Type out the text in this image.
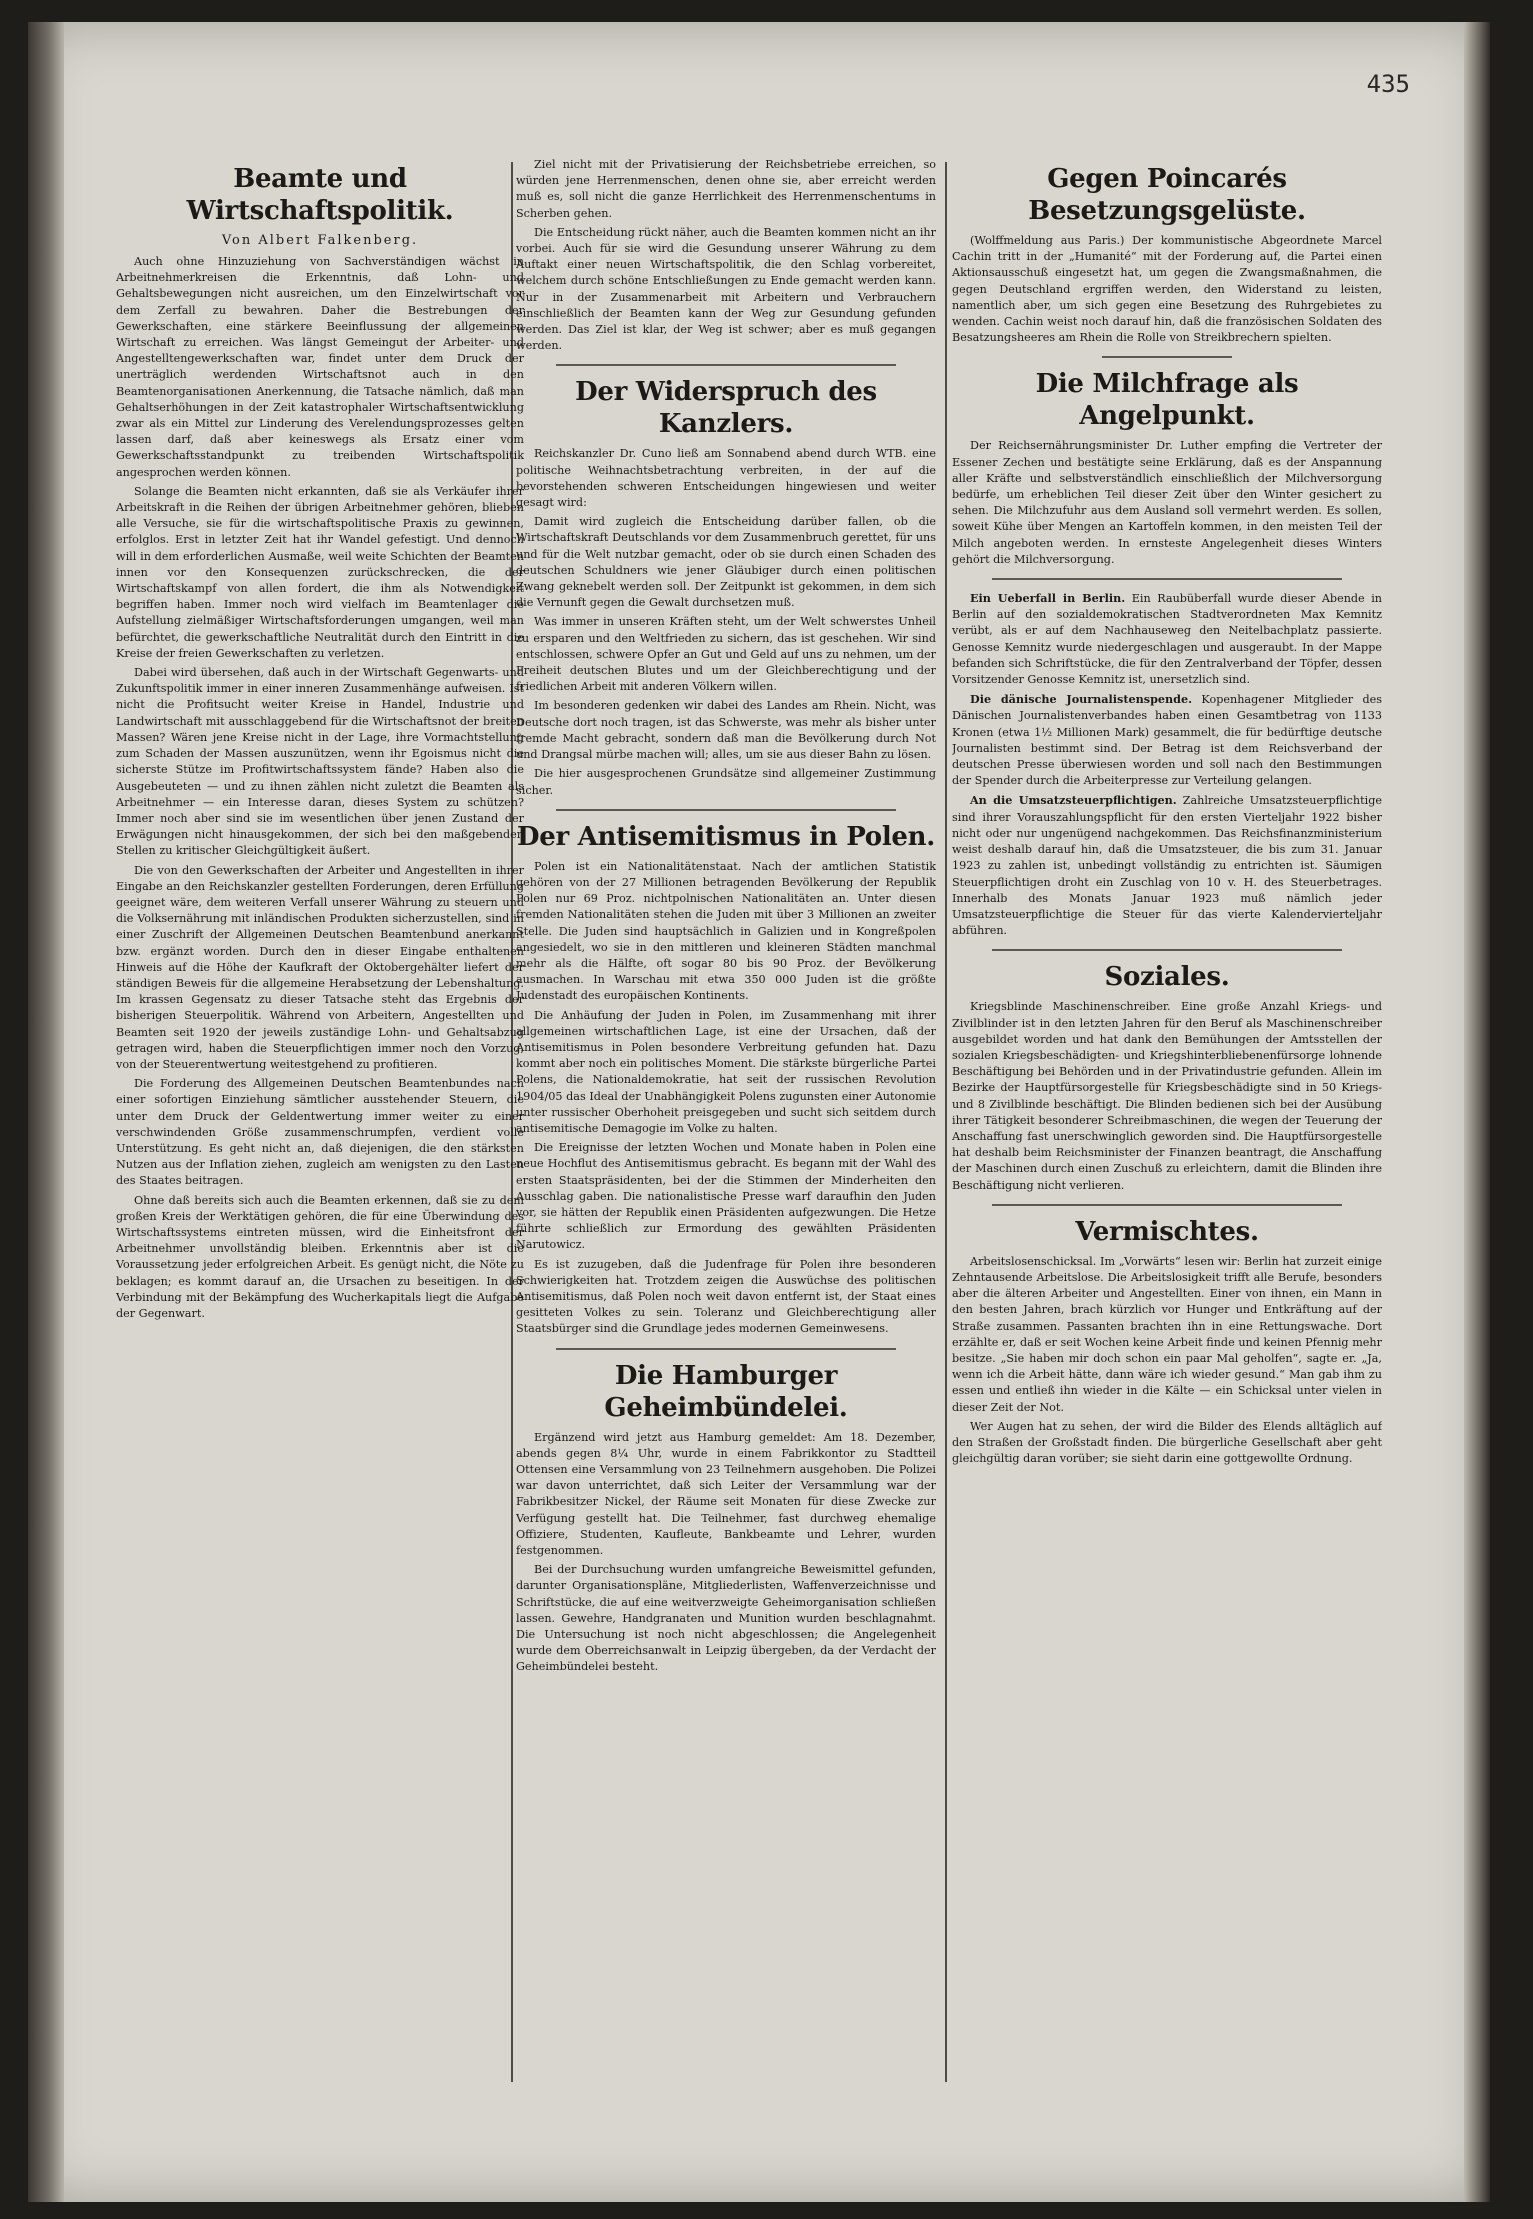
435
Beamte und Wirtschaftspolitik.
Von Albert Falkenberg.

Auch ohne Hinzuziehung von Sachverständigen wächst in Arbeitnehmerkreisen die Erkenntnis, daß Lohn- und Gehaltsbewegungen nicht ausreichen, um den Einzelwirtschaft vor dem Zerfall zu bewahren. Daher die Bestrebungen der Gewerkschaften, eine stärkere Beeinflussung der allgemeinen Wirtschaft zu erreichen. Was längst Gemeingut der Arbeiter- und Angestelltengewerkschaften war, findet unter dem Druck der unerträglich werdenden Wirtschaftsnot auch in den Beamtenorganisationen Anerkennung, die Tatsache nämlich, daß man Gehaltserhöhungen in der Zeit katastrophaler Wirtschaftsentwicklung zwar als ein Mittel zur Linderung des Verelendungsprozesses gelten lassen darf, daß aber keineswegs als Ersatz einer vom Gewerkschaftsstandpunkt zu treibenden Wirtschaftspolitik angesprochen werden können.

Solange die Beamten nicht erkannten, daß sie als Verkäufer ihrer Arbeitskraft in die Reihen der übrigen Arbeitnehmer gehören, blieben alle Versuche, sie für die wirtschaftspolitische Praxis zu gewinnen, erfolglos. Erst in letzter Zeit hat ihr Wandel gefestigt. Und dennoch will in dem erforderlichen Ausmaße, weil weite Schichten der Beamten innen vor den Konsequenzen zurückschrecken, die der Wirtschaftskampf von allen fordert, die ihm als Notwendigkeit begriffen haben. Immer noch wird vielfach im Beamtenlager die Aufstellung zielmäßiger Wirtschaftsforderungen umgangen, weil man befürchtet, die gewerkschaftliche Neutralität durch den Eintritt in die Kreise der freien Gewerkschaften zu verletzen.

Dabei wird übersehen, daß auch in der Wirtschaft Gegenwarts- und Zukunftspolitik immer in einer inneren Zusammenhänge aufweisen. Ist nicht die Profitsucht weiter Kreise in Handel, Industrie und Landwirtschaft mit ausschlaggebend für die Wirtschaftsnot der breiten Massen? Wären jene Kreise nicht in der Lage, ihre Vormachtstellung zum Schaden der Massen auszunützen, wenn ihr Egoismus nicht die sicherste Stütze im Profitwirtschaftssystem fände? Haben also die Ausgebeuteten — und zu ihnen zählen nicht zuletzt die Beamten als Arbeitnehmer — ein Interesse daran, dieses System zu schützen? Immer noch aber sind sie im wesentlichen über jenen Zustand der Erwägungen nicht hinausgekommen, der sich bei den maßgebenden Stellen zu kritischer Gleichgültigkeit äußert.

Die von den Gewerkschaften der Arbeiter und Angestellten in ihrer Eingabe an den Reichskanzler gestellten Forderungen, deren Erfüllung geeignet wäre, dem weiteren Verfall unserer Währung zu steuern und die Volksernährung mit inländischen Produkten sicherzustellen, sind in einer Zuschrift der Allgemeinen Deutschen Beamtenbund anerkannt bzw. ergänzt worden. Durch den in dieser Eingabe enthaltenen Hinweis auf die Höhe der Kaufkraft der Oktobergehälter liefert der ständigen Beweis für die allgemeine Herabsetzung der Lebenshaltung. Im krassen Gegensatz zu dieser Tatsache steht das Ergebnis der bisherigen Steuerpolitik. Während von Arbeitern, Angestellten und Beamten seit 1920 der jeweils zuständige Lohn- und Gehaltsabzug getragen wird, haben die Steuerpflichtigen immer noch den Vorzug, von der Steuerentwertung weitestgehend zu profitieren.

Die Forderung des Allgemeinen Deutschen Beamtenbundes nach einer sofortigen Einziehung sämtlicher ausstehender Steuern, die unter dem Druck der Geldentwertung immer weiter zu einer verschwindenden Größe zusammenschrumpfen, verdient volle Unterstützung. Es geht nicht an, daß diejenigen, die den stärksten Nutzen aus der Inflation ziehen, zugleich am wenigsten zu den Lasten des Staates beitragen.

Ohne daß bereits sich auch die Beamten erkennen, daß sie zu dem großen Kreis der Werktätigen gehören, die für eine Überwindung des Wirtschaftssystems eintreten müssen, wird die Einheitsfront der Arbeitnehmer unvollständig bleiben. Erkenntnis aber ist die Voraussetzung jeder erfolgreichen Arbeit. Es genügt nicht, die Nöte zu beklagen; es kommt darauf an, die Ursachen zu beseitigen. In der Verbindung mit der Bekämpfung des Wucherkapitals liegt die Aufgabe der Gegenwart.

Ziel nicht mit der Privatisierung der Reichsbetriebe erreichen, so würden jene Herrenmenschen, denen ohne sie, aber erreicht werden muß es, soll nicht die ganze Herrlichkeit des Herrenmenschentums in Scherben gehen.

Die Entscheidung rückt näher, auch die Beamten kommen nicht an ihr vorbei. Auch für sie wird die Gesundung unserer Währung zu dem Auftakt einer neuen Wirtschaftspolitik, die den Schlag vorbereitet, welchem durch schöne Entschließungen zu Ende gemacht werden kann. Nur in der Zusammenarbeit mit Arbeitern und Verbrauchern einschließlich der Beamten kann der Weg zur Gesundung gefunden werden. Das Ziel ist klar, der Weg ist schwer; aber es muß gegangen werden.

Der Widerspruch des Kanzlers.

Reichskanzler Dr. Cuno ließ am Sonnabend abend durch WTB. eine politische Weihnachtsbetrachtung verbreiten, in der auf die bevorstehenden schweren Entscheidungen hingewiesen und weiter gesagt wird:

Damit wird zugleich die Entscheidung darüber fallen, ob die Wirtschaftskraft Deutschlands vor dem Zusammenbruch gerettet, für uns und für die Welt nutzbar gemacht, oder ob sie durch einen Schaden des deutschen Schuldners wie jener Gläubiger durch einen politischen Zwang geknebelt werden soll. Der Zeitpunkt ist gekommen, in dem sich die Vernunft gegen die Gewalt durchsetzen muß.

Was immer in unseren Kräften steht, um der Welt schwerstes Unheil zu ersparen und den Weltfrieden zu sichern, das ist geschehen. Wir sind entschlossen, schwere Opfer an Gut und Geld auf uns zu nehmen, um der Freiheit deutschen Blutes und um der Gleichberechtigung und der friedlichen Arbeit mit anderen Völkern willen.

Im besonderen gedenken wir dabei des Landes am Rhein. Nicht, was Deutsche dort noch tragen, ist das Schwerste, was mehr als bisher unter fremde Macht gebracht, sondern daß man die Bevölkerung durch Not und Drangsal mürbe machen will; alles, um sie aus dieser Bahn zu lösen.

Die hier ausgesprochenen Grundsätze sind allgemeiner Zustimmung sicher.

Der Antisemitismus in Polen.

Polen ist ein Nationalitätenstaat. Nach der amtlichen Statistik gehören von der 27 Millionen betragenden Bevölkerung der Republik Polen nur 69 Proz. nichtpolnischen Nationalitäten an. Unter diesen fremden Nationalitäten stehen die Juden mit über 3 Millionen an zweiter Stelle. Die Juden sind hauptsächlich in Galizien und in Kongreßpolen angesiedelt, wo sie in den mittleren und kleineren Städten manchmal mehr als die Hälfte, oft sogar 80 bis 90 Proz. der Bevölkerung ausmachen. In Warschau mit etwa 350 000 Juden ist die größte Judenstadt des europäischen Kontinents.

Die Anhäufung der Juden in Polen, im Zusammenhang mit ihrer allgemeinen wirtschaftlichen Lage, ist eine der Ursachen, daß der Antisemitismus in Polen besondere Verbreitung gefunden hat. Dazu kommt aber noch ein politisches Moment. Die stärkste bürgerliche Partei Polens, die Nationaldemokratie, hat seit der russischen Revolution 1904/05 das Ideal der Unabhängigkeit Polens zugunsten einer Autonomie unter russischer Oberhoheit preisgegeben und sucht sich seitdem durch antisemitische Demagogie im Volke zu halten.

Die Ereignisse der letzten Wochen und Monate haben in Polen eine neue Hochflut des Antisemitismus gebracht. Es begann mit der Wahl des ersten Staatspräsidenten, bei der die Stimmen der Minderheiten den Ausschlag gaben. Die nationalistische Presse warf daraufhin den Juden vor, sie hätten der Republik einen Präsidenten aufgezwungen. Die Hetze führte schließlich zur Ermordung des gewählten Präsidenten Narutowicz.

Es ist zuzugeben, daß die Judenfrage für Polen ihre besonderen Schwierigkeiten hat. Trotzdem zeigen die Auswüchse des politischen Antisemitismus, daß Polen noch weit davon entfernt ist, der Staat eines gesitteten Volkes zu sein. Toleranz und Gleichberechtigung aller Staatsbürger sind die Grundlage jedes modernen Gemeinwesens.

Die Hamburger Geheimbündelei.

Ergänzend wird jetzt aus Hamburg gemeldet: Am 18. Dezember, abends gegen 8¼ Uhr, wurde in einem Fabrikkontor zu Stadtteil Ottensen eine Versammlung von 23 Teilnehmern ausgehoben. Die Polizei war davon unterrichtet, daß sich Leiter der Versammlung war der Fabrikbesitzer Nickel, der Räume seit Monaten für diese Zwecke zur Verfügung gestellt hat. Die Teilnehmer, fast durchweg ehemalige Offiziere, Studenten, Kaufleute, Bankbeamte und Lehrer, wurden festgenommen.

Bei der Durchsuchung wurden umfangreiche Beweismittel gefunden, darunter Organisationspläne, Mitgliederlisten, Waffenverzeichnisse und Schriftstücke, die auf eine weitverzweigte Geheimorganisation schließen lassen. Gewehre, Handgranaten und Munition wurden beschlagnahmt. Die Untersuchung ist noch nicht abgeschlossen; die Angelegenheit wurde dem Oberreichsanwalt in Leipzig übergeben, da der Verdacht der Geheimbündelei besteht.

Gegen Poincarés Besetzungsgelüste.

(Wolffmeldung aus Paris.) Der kommunistische Abgeordnete Marcel Cachin tritt in der „Humanité“ mit der Forderung auf, die Partei einen Aktionsausschuß eingesetzt hat, um gegen die Zwangsmaßnahmen, die gegen Deutschland ergriffen werden, den Widerstand zu leisten, namentlich aber, um sich gegen eine Besetzung des Ruhrgebietes zu wenden. Cachin weist noch darauf hin, daß die französischen Soldaten des Besatzungsheeres am Rhein die Rolle von Streikbrechern spielten.

Die Milchfrage als Angelpunkt.

Der Reichsernährungsminister Dr. Luther empfing die Vertreter der Essener Zechen und bestätigte seine Erklärung, daß es der Anspannung aller Kräfte und selbstverständlich einschließlich der Milchversorgung bedürfe, um erheblichen Teil dieser Zeit über den Winter gesichert zu sehen. Die Milchzufuhr aus dem Ausland soll vermehrt werden. Es sollen, soweit Kühe über Mengen an Kartoffeln kommen, in den meisten Teil der Milch angeboten werden. In ernsteste Angelegenheit dieses Winters gehört die Milchversorgung.

Ein Ueberfall in Berlin. Ein Raubüberfall wurde dieser Abende in Berlin auf den sozialdemokratischen Stadtverordneten Max Kemnitz verübt, als er auf dem Nachhauseweg den Neitelbachplatz passierte. Genosse Kemnitz wurde niedergeschlagen und ausgeraubt. In der Mappe befanden sich Schriftstücke, die für den Zentralverband der Töpfer, dessen Vorsitzender Genosse Kemnitz ist, unersetzlich sind.

Die dänische Journalistenspende. Kopenhagener Mitglieder des Dänischen Journalistenverbandes haben einen Gesamtbetrag von 1133 Kronen (etwa 1½ Millionen Mark) gesammelt, die für bedürftige deutsche Journalisten bestimmt sind. Der Betrag ist dem Reichsverband der deutschen Presse überwiesen worden und soll nach den Bestimmungen der Spender durch die Arbeiterpresse zur Verteilung gelangen.

An die Umsatzsteuerpflichtigen. Zahlreiche Umsatzsteuerpflichtige sind ihrer Vorauszahlungspflicht für den ersten Vierteljahr 1922 bisher nicht oder nur ungenügend nachgekommen. Das Reichsfinanzministerium weist deshalb darauf hin, daß die Umsatzsteuer, die bis zum 31. Januar 1923 zu zahlen ist, unbedingt vollständig zu entrichten ist. Säumigen Steuerpflichtigen droht ein Zuschlag von 10 v. H. des Steuerbetrages. Innerhalb des Monats Januar 1923 muß nämlich jeder Umsatzsteuerpflichtige die Steuer für das vierte Kalendervierteljahr abführen.

Soziales.

Kriegsblinde Maschinenschreiber. Eine große Anzahl Kriegs- und Zivilblinder ist in den letzten Jahren für den Beruf als Maschinenschreiber ausgebildet worden und hat dank den Bemühungen der Amtsstellen der sozialen Kriegsbeschädigten- und Kriegshinterbliebenenfürsorge lohnende Beschäftigung bei Behörden und in der Privatindustrie gefunden. Allein im Bezirke der Hauptfürsorgestelle für Kriegsbeschädigte sind in 50 Kriegs- und 8 Zivilblinde beschäftigt. Die Blinden bedienen sich bei der Ausübung ihrer Tätigkeit besonderer Schreibmaschinen, die wegen der Teuerung der Anschaffung fast unerschwinglich geworden sind. Die Hauptfürsorgestelle hat deshalb beim Reichsminister der Finanzen beantragt, die Anschaffung der Maschinen durch einen Zuschuß zu erleichtern, damit die Blinden ihre Beschäftigung nicht verlieren.

Vermischtes.

Arbeitslosenschicksal. Im „Vorwärts“ lesen wir: Berlin hat zurzeit einige Zehntausende Arbeitslose. Die Arbeitslosigkeit trifft alle Berufe, besonders aber die älteren Arbeiter und Angestellten. Einer von ihnen, ein Mann in den besten Jahren, brach kürzlich vor Hunger und Entkräftung auf der Straße zusammen. Passanten brachten ihn in eine Rettungswache. Dort erzählte er, daß er seit Wochen keine Arbeit finde und keinen Pfennig mehr besitze. „Sie haben mir doch schon ein paar Mal geholfen“, sagte er. „Ja, wenn ich die Arbeit hätte, dann wäre ich wieder gesund.“ Man gab ihm zu essen und entließ ihn wieder in die Kälte — ein Schicksal unter vielen in dieser Zeit der Not.

Wer Augen hat zu sehen, der wird die Bilder des Elends alltäglich auf den Straßen der Großstadt finden. Die bürgerliche Gesellschaft aber geht gleichgültig daran vorüber; sie sieht darin eine gottgewollte Ordnung.
